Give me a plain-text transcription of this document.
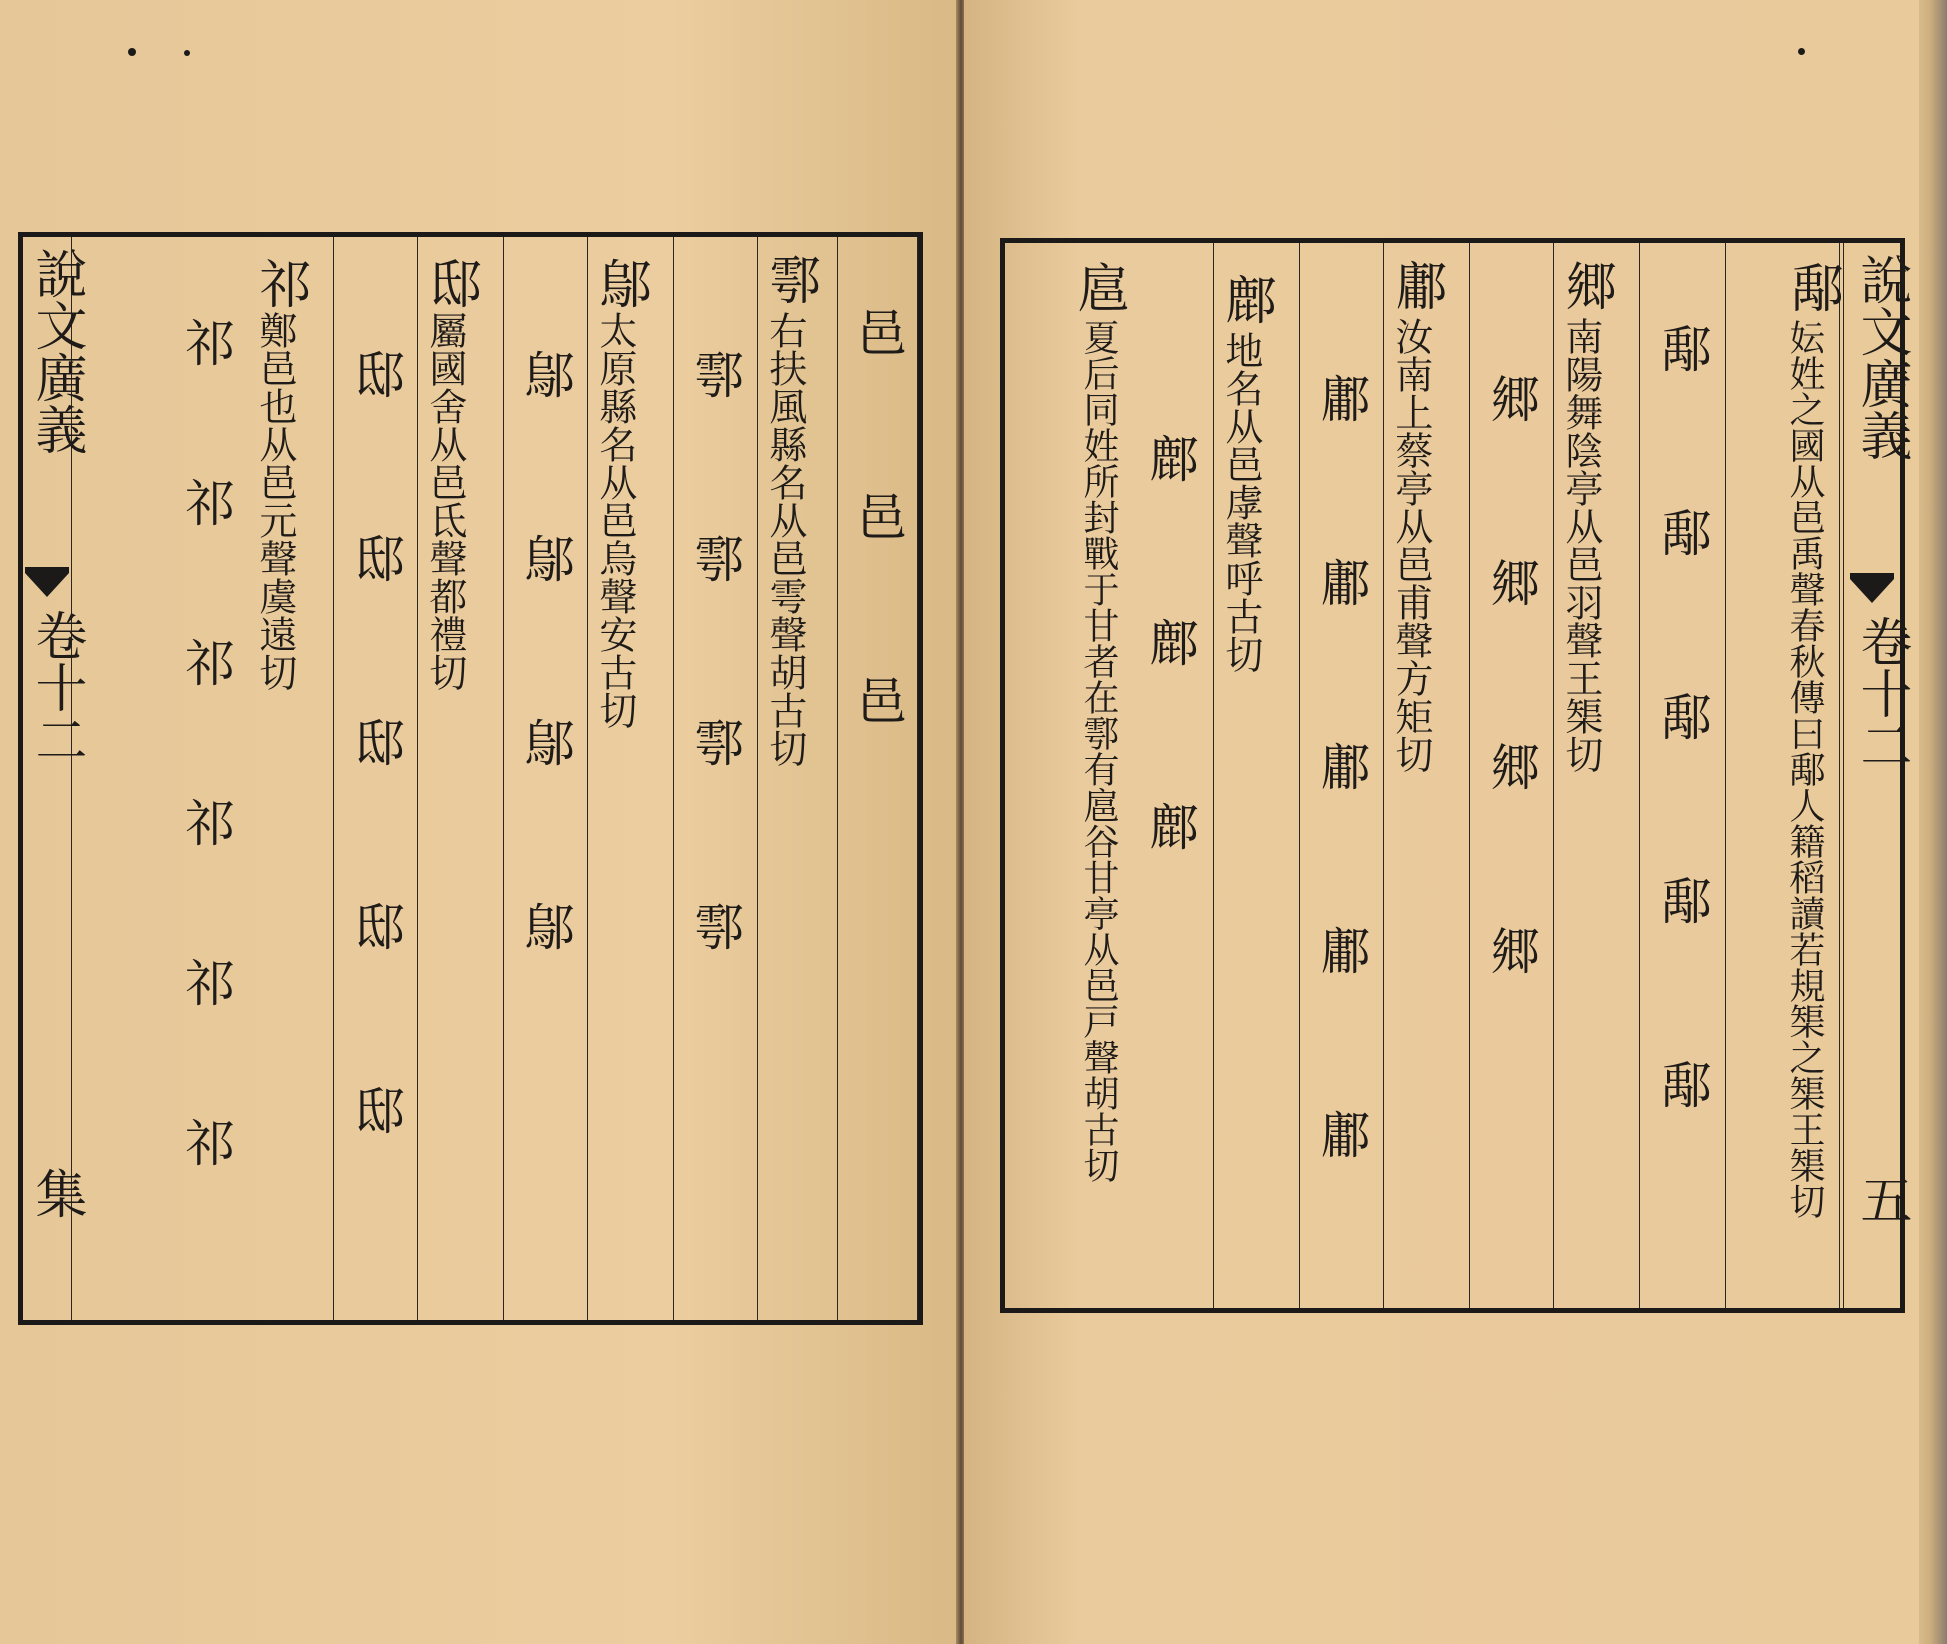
邑 邑 邑
鄠
右扶風縣名从邑雩聲胡古切
鄠 鄠 鄠 鄠
鄔
太原縣名从邑烏聲安古切
鄔 鄔 鄔 鄔
邸
屬國舍从邑氐聲都禮切
邸 邸 邸 邸 邸
祁
鄭邑也从邑元聲虞遠切
祁 祁 祁 祁 祁 祁
說文廣義
卷十二
集
鄅
妘姓之國从邑禹聲春秋傳曰鄅人籍稻讀若規榘之榘王榘切
鄅 鄅 鄅 鄅 鄅
郷
南陽舞陰亭从邑羽聲王榘切
郷 郷 郷 郷
鄘
汝南上蔡亭从邑甫聲方矩切
鄘 鄘 鄘 鄘 鄘
鄜
地名从邑虖聲呼古切
鄜 鄜 鄜
扈
夏后同姓所封戰于甘者在鄠有扈谷甘亭从邑戸聲胡古切	說文廣義
卷十二
五
